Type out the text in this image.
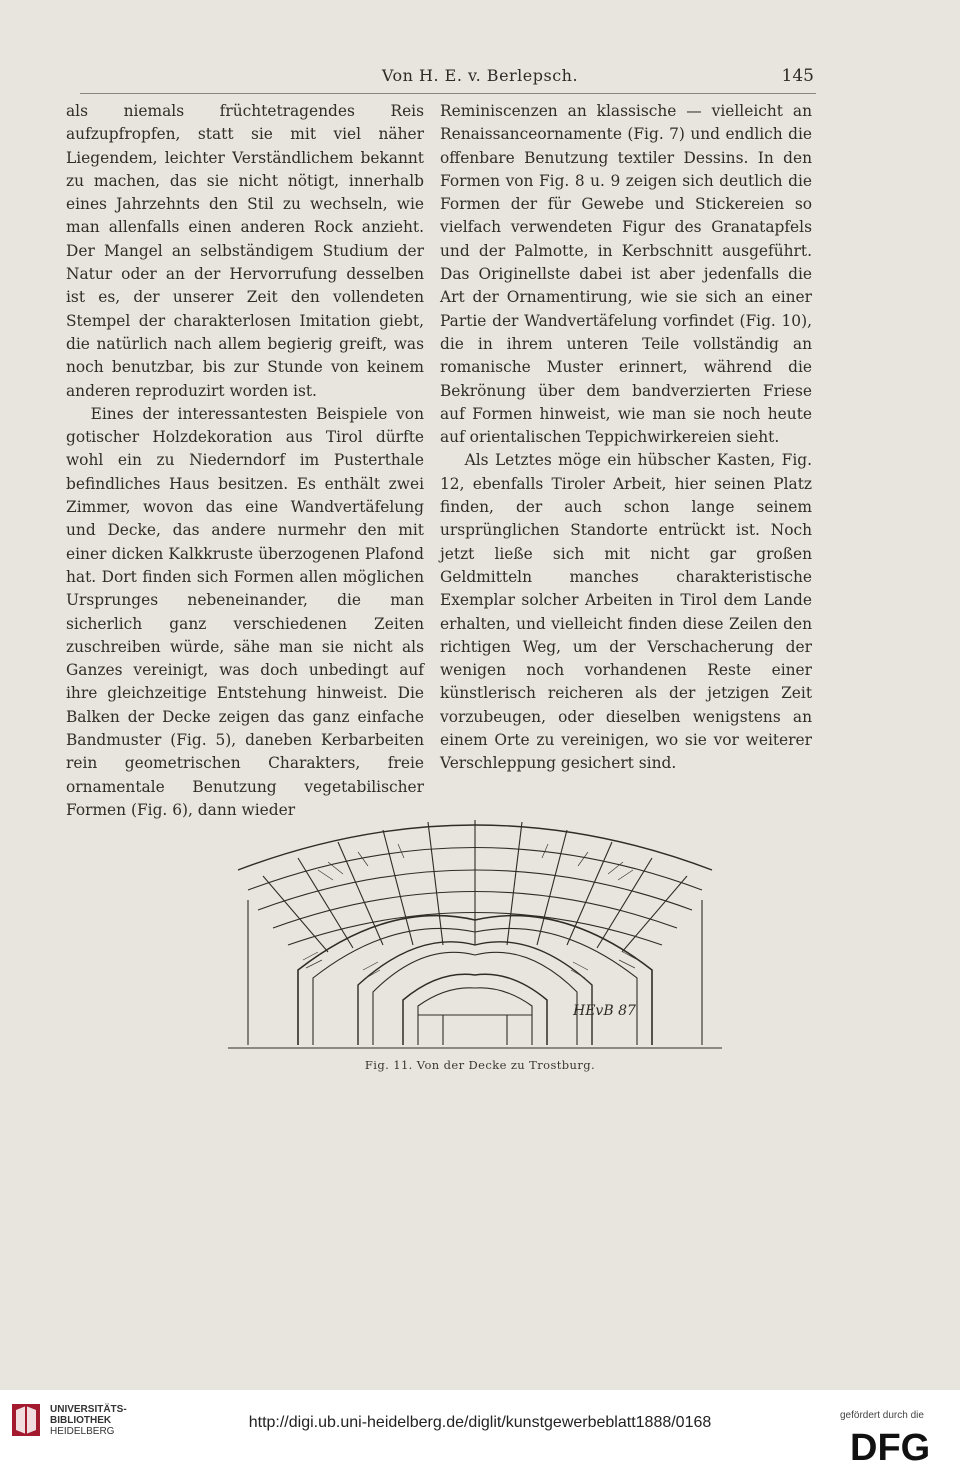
Von H. E. v. Berlepsch.	145

als niemals früchtetragendes Reis aufzupfropfen, statt sie mit viel näher Liegendem, leichter Verständlichem bekannt zu machen, das sie nicht nötigt, innerhalb eines Jahrzehnts den Stil zu wechseln, wie man allenfalls einen anderen Rock anzieht. Der Mangel an selbständigem Studium der Natur oder an der Hervorrufung desselben ist es, der unserer Zeit den vollendeten Stempel der charakterlosen Imitation giebt, die natürlich nach allem begierig greift, was noch benutzbar, bis zur Stunde von keinem anderen reproduzirt worden ist.

Eines der interessantesten Beispiele von gotischer Holzdekoration aus Tirol dürfte wohl ein zu Niederndorf im Pusterthale befindliches Haus besitzen. Es enthält zwei Zimmer, wovon das eine Wandvertäfelung und Decke, das andere nurmehr den mit einer dicken Kalkkruste überzogenen Plafond hat. Dort finden sich Formen allen möglichen Ursprunges nebeneinander, die man sicherlich ganz verschiedenen Zeiten zuschreiben würde, sähe man sie nicht als Ganzes vereinigt, was doch unbedingt auf ihre gleichzeitige Entstehung hinweist. Die Balken der Decke zeigen das ganz einfache Bandmuster (Fig. 5), daneben Kerbarbeiten rein geometrischen Charakters, freie ornamentale Benutzung vegetabilischer Formen (Fig. 6), dann wieder

Reminiscenzen an klassische — vielleicht an Renaissanceornamente (Fig. 7) und endlich die offenbare Benutzung textiler Dessins. In den Formen von Fig. 8 u. 9 zeigen sich deutlich die Formen der für Gewebe und Stickereien so vielfach verwendeten Figur des Granatapfels und der Palmotte, in Kerbschnitt ausgeführt. Das Originellste dabei ist aber jedenfalls die Art der Ornamentirung, wie sie sich an einer Partie der Wandvertäfelung vorfindet (Fig. 10), die in ihrem unteren Teile vollständig an romanische Muster erinnert, während die Bekrönung über dem bandverzierten Friese auf Formen hinweist, wie man sie noch heute auf orientalischen Teppichwirkereien sieht.

Als Letztes möge ein hübscher Kasten, Fig. 12, ebenfalls Tiroler Arbeit, hier seinen Platz finden, der auch schon lange seinem ursprünglichen Standorte entrückt ist. Noch jetzt ließe sich mit nicht gar großen Geldmitteln manches charakteristische Exemplar solcher Arbeiten in Tirol dem Lande erhalten, und vielleicht finden diese Zeilen den richtigen Weg, um der Verschacherung der wenigen noch vorhandenen Reste einer künstlerisch reicheren als der jetzigen Zeit vorzubeugen, oder dieselben wenigstens an einem Orte zu vereinigen, wo sie vor weiterer Verschleppung gesichert sind.

HEvB 87
Fig. 11. Von der Decke zu Trostburg.
UNIVERSITÄTS-
BIBLIOTHEK
HEIDELBERG
http://digi.ub.uni-heidelberg.de/diglit/kunstgewerbeblatt1888/0168	gefördert durch die
DFG
